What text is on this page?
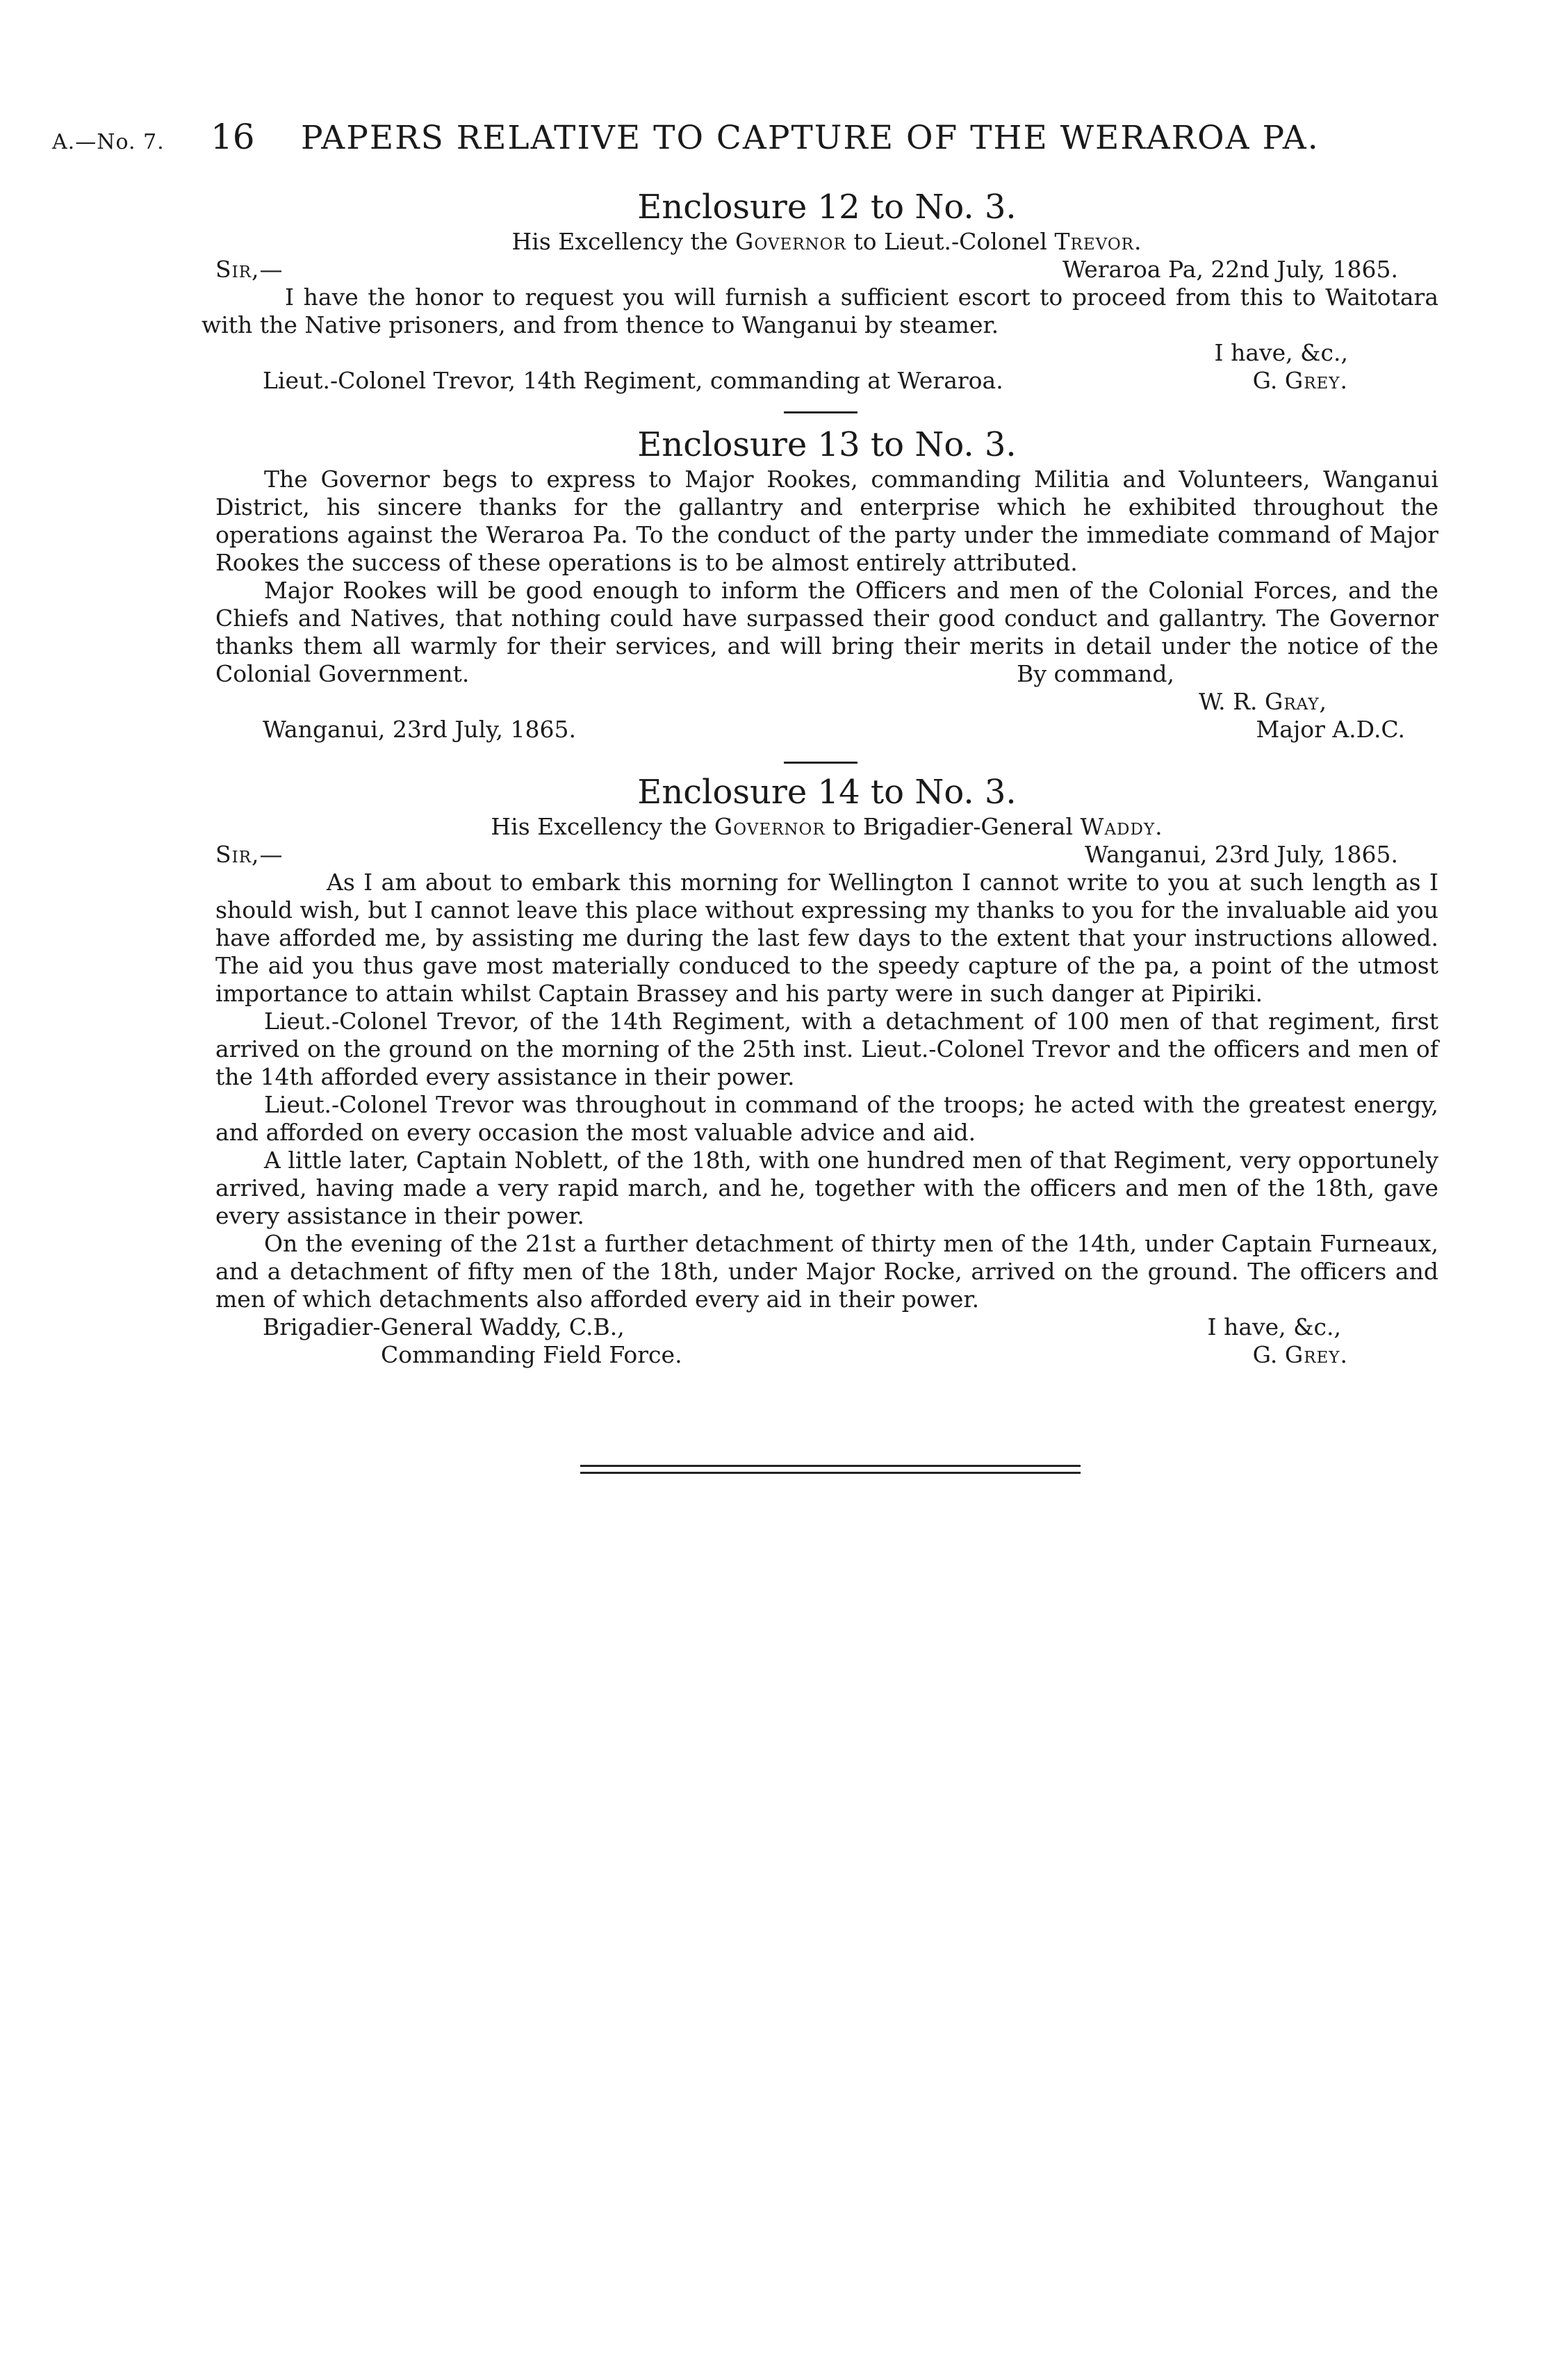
A.—No. 7.	16	PAPERS RELATIVE TO CAPTURE OF THE WERAROA PA.
Enclosure 12 to No. 3.
His Excellency the Governor to Lieut.-Colonel Trevor.
Sir,—	Weraroa Pa, 22nd July, 1865.

I have the honor to request you will furnish a sufficient escort to proceed from this to Waitotara with the Native prisoners, and from thence to Wanganui by steamer.

I have, &c.,
Lieut.-Colonel Trevor, 14th Regiment, commanding at Weraroa.	G. Grey.
Enclosure 13 to No. 3.

The Governor begs to express to Major Rookes, commanding Militia and Volunteers, Wanganui District, his sincere thanks for the gallantry and enterprise which he exhibited throughout the operations against the Weraroa Pa. To the conduct of the party under the immediate command of Major Rookes the success of these operations is to be almost entirely attributed.

Major Rookes will be good enough to inform the Officers and men of the Colonial Forces, and the Chiefs and Natives, that nothing could have surpassed their good conduct and gallantry. The Governor thanks them all warmly for their services, and will bring their merits in detail under the notice of the Colonial Government.	By command,
W. R. Gray,
Wanganui, 23rd July, 1865.	Major A.D.C.
Enclosure 14 to No. 3.
His Excellency the Governor to Brigadier-General Waddy.
Sir,—	Wanganui, 23rd July, 1865.

As I am about to embark this morning for Wellington I cannot write to you at such length as I should wish, but I cannot leave this place without expressing my thanks to you for the invaluable aid you have afforded me, by assisting me during the last few days to the extent that your instructions allowed. The aid you thus gave most materially conduced to the speedy capture of the pa, a point of the utmost importance to attain whilst Captain Brassey and his party were in such danger at Pipiriki.

Lieut.-Colonel Trevor, of the 14th Regiment, with a detachment of 100 men of that regiment, first arrived on the ground on the morning of the 25th inst. Lieut.-Colonel Trevor and the officers and men of the 14th afforded every assistance in their power.

Lieut.-Colonel Trevor was throughout in command of the troops; he acted with the greatest energy, and afforded on every occasion the most valuable advice and aid.

A little later, Captain Noblett, of the 18th, with one hundred men of that Regiment, very opportunely arrived, having made a very rapid march, and he, together with the officers and men of the 18th, gave every assistance in their power.

On the evening of the 21st a further detachment of thirty men of the 14th, under Captain Furneaux, and a detachment of fifty men of the 18th, under Major Rocke, arrived on the ground. The officers and men of which detachments also afforded every aid in their power.

Brigadier-General Waddy, C.B.,	I have, &c.,
Commanding Field Force.	G. Grey.
